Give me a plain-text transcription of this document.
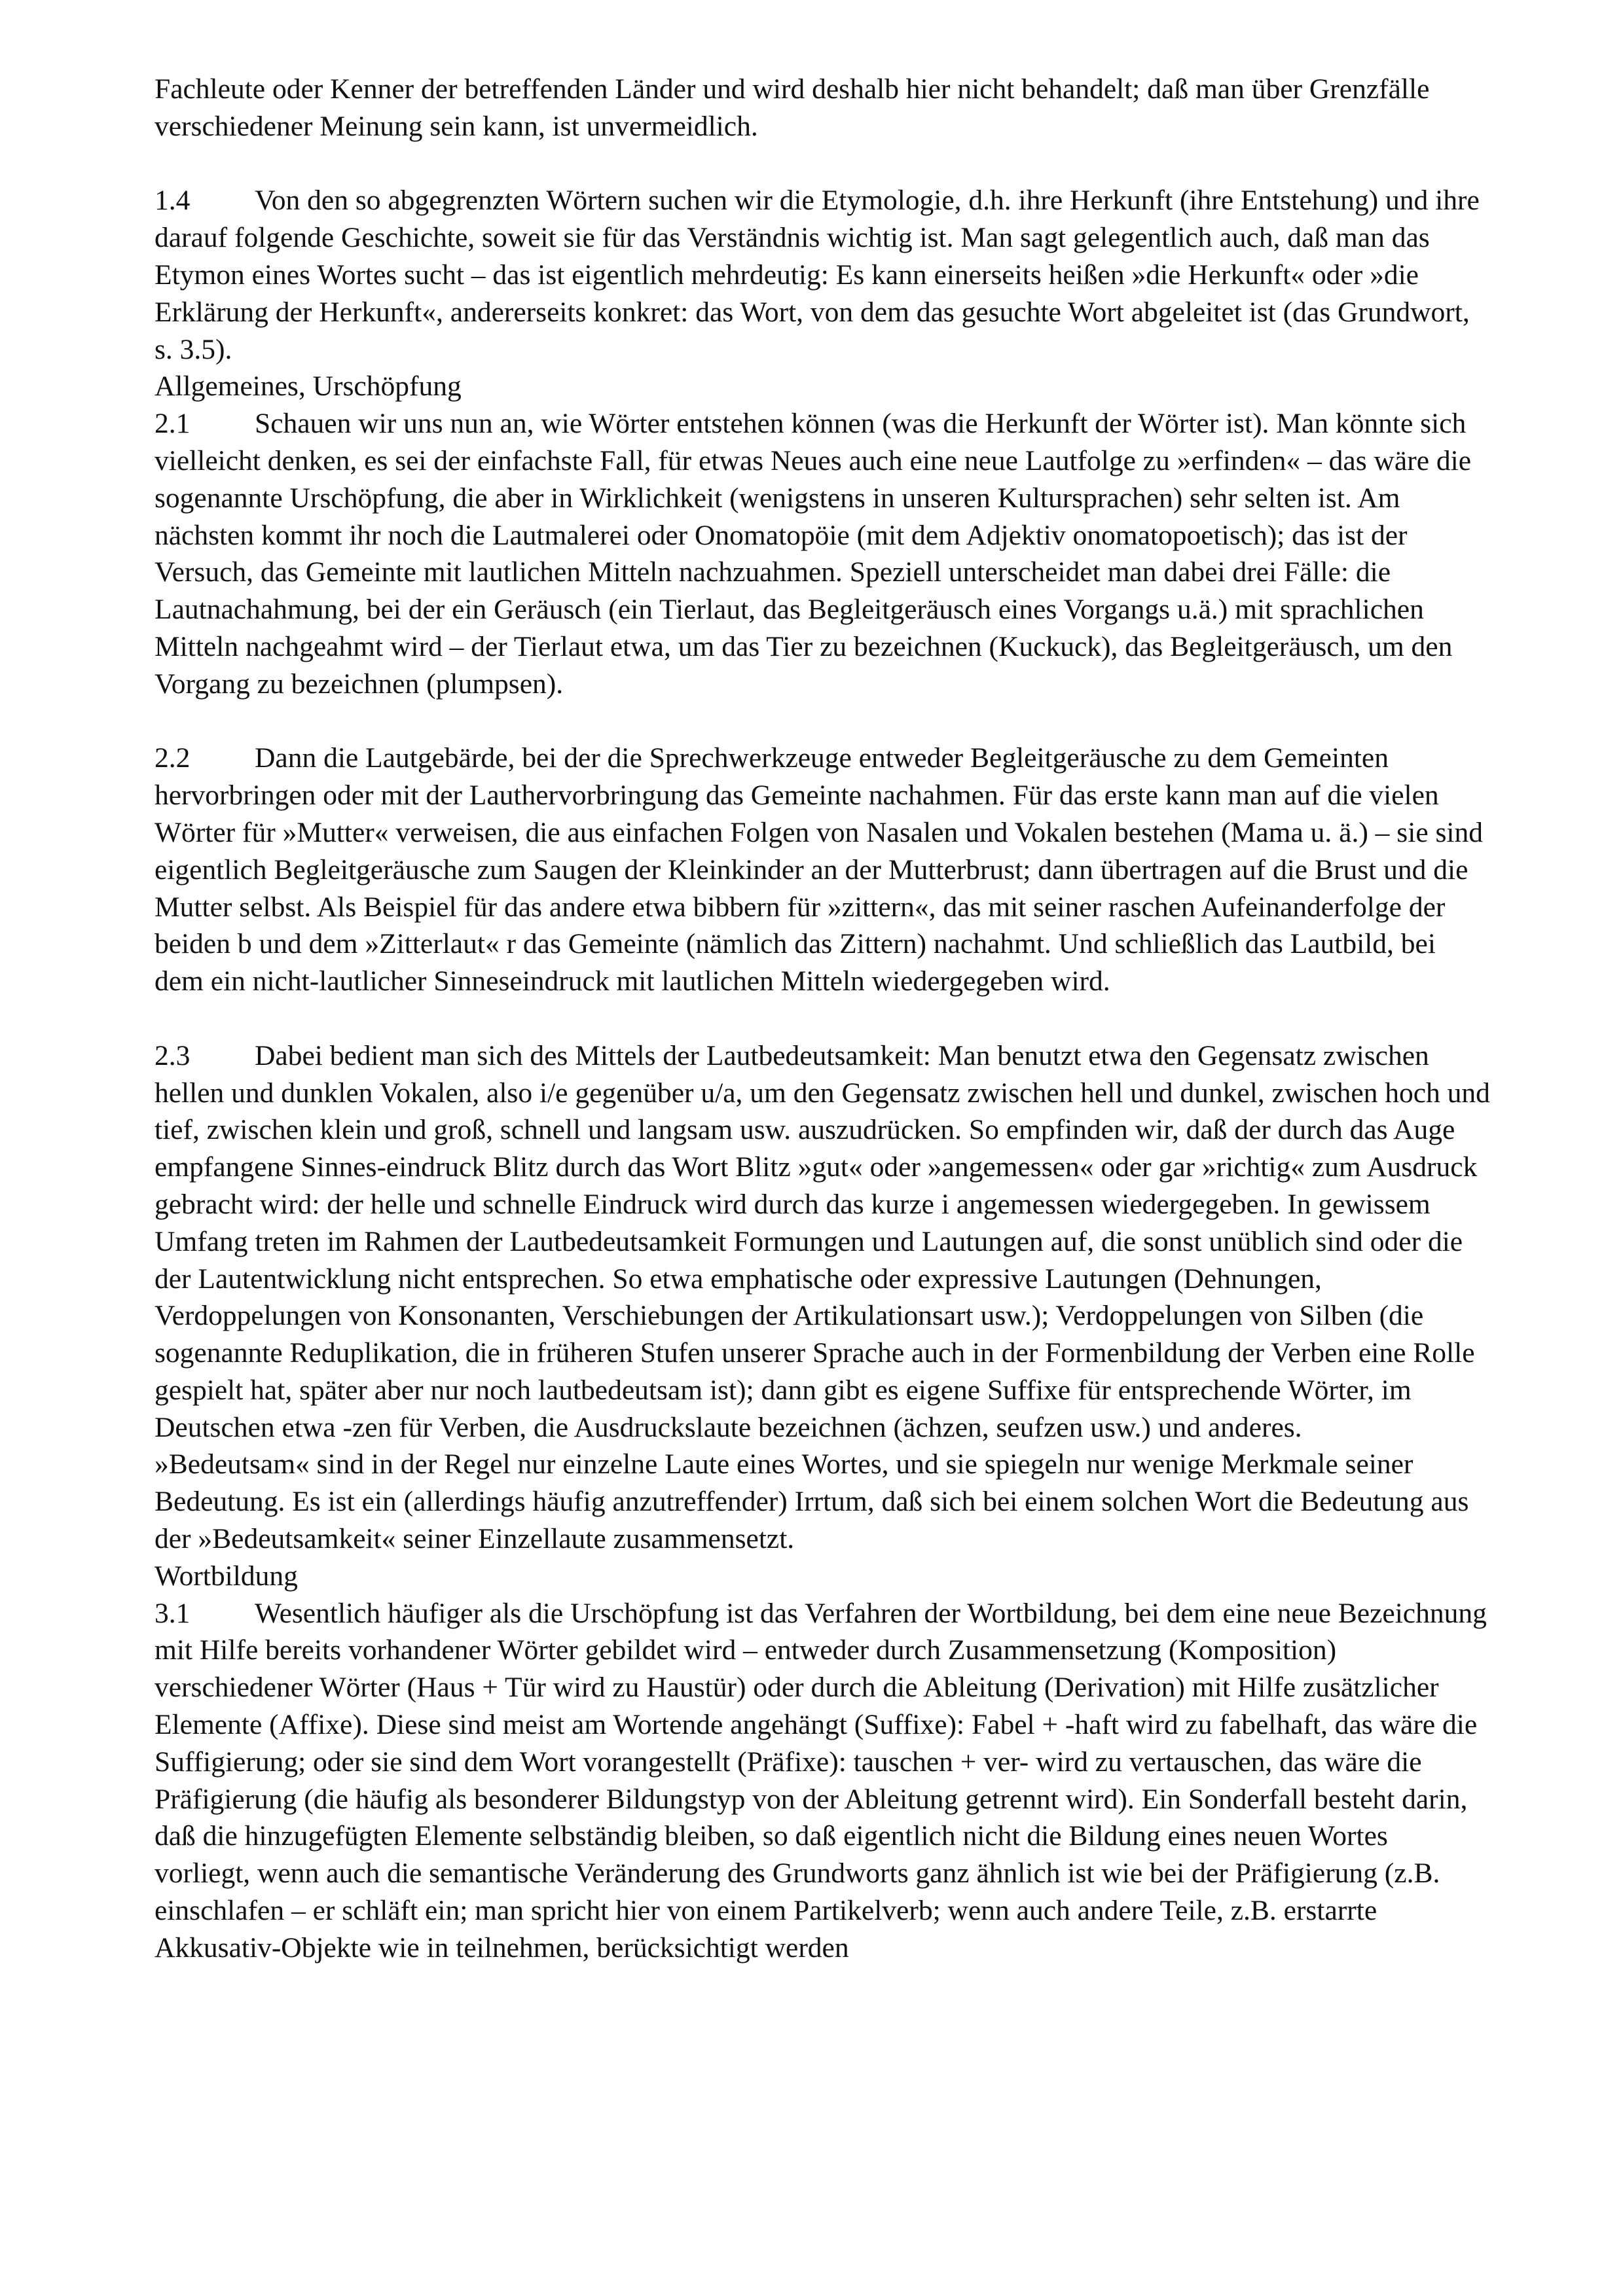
Fachleute oder Kenner der betreffenden Länder und wird deshalb hier nicht behandelt; daß man über Grenzfälle verschiedener Meinung sein kann, ist unvermeidlich.

1.4 Von den so abgegrenzten Wörtern suchen wir die Etymologie, d.h. ihre Herkunft (ihre Entstehung) und ihre darauf folgende Geschichte, soweit sie für das Verständnis wichtig ist. Man sagt gelegentlich auch, daß man das Etymon eines Wortes sucht – das ist eigentlich mehrdeutig: Es kann einerseits heißen »die Herkunft« oder »die Erklärung der Herkunft«, andererseits konkret: das Wort, von dem das gesuchte Wort abgeleitet ist (das Grundwort, s. 3.5).

Allgemeines, Urschöpfung

2.1 Schauen wir uns nun an, wie Wörter entstehen können (was die Herkunft der Wörter ist). Man könnte sich vielleicht denken, es sei der einfachste Fall, für etwas Neues auch eine neue Lautfolge zu »erfinden« – das wäre die sogenannte Urschöpfung, die aber in Wirklichkeit (wenigstens in unseren Kultursprachen) sehr selten ist. Am nächsten kommt ihr noch die Lautmalerei oder Onomatopöie (mit dem Adjektiv onomatopoetisch); das ist der Versuch, das Gemeinte mit lautlichen Mitteln nachzuahmen. Speziell unterscheidet man dabei drei Fälle: die Lautnachahmung, bei der ein Geräusch (ein Tierlaut, das Begleitgeräusch eines Vorgangs u.ä.) mit sprachlichen Mitteln nachgeahmt wird – der Tierlaut etwa, um das Tier zu bezeichnen (Kuckuck), das Begleitgeräusch, um den Vorgang zu bezeichnen (plumpsen).

2.2 Dann die Lautgebärde, bei der die Sprechwerkzeuge entweder Begleitgeräusche zu dem Gemeinten hervorbringen oder mit der Lauthervorbringung das Gemeinte nachahmen. Für das erste kann man auf die vielen Wörter für »Mutter« verweisen, die aus einfachen Folgen von Nasalen und Vokalen bestehen (Mama u. ä.) – sie sind eigentlich Begleitgeräusche zum Saugen der Kleinkinder an der Mutterbrust; dann übertragen auf die Brust und die Mutter selbst. Als Beispiel für das andere etwa bibbern für »zittern«, das mit seiner raschen Aufeinanderfolge der beiden b und dem »Zitterlaut« r das Gemeinte (nämlich das Zittern) nachahmt. Und schließlich das Lautbild, bei dem ein nicht-lautlicher Sinneseindruck mit lautlichen Mitteln wiedergegeben wird.

2.3 Dabei bedient man sich des Mittels der Lautbedeutsamkeit: Man benutzt etwa den Gegensatz zwischen hellen und dunklen Vokalen, also i/e gegenüber u/a, um den Gegensatz zwischen hell und dunkel, zwischen hoch und tief, zwischen klein und groß, schnell und langsam usw. auszudrücken. So empfinden wir, daß der durch das Auge empfangene Sinnes-eindruck Blitz durch das Wort Blitz »gut« oder »angemessen« oder gar »richtig« zum Ausdruck gebracht wird: der helle und schnelle Eindruck wird durch das kurze i angemessen wiedergegeben. In gewissem Umfang treten im Rahmen der Lautbedeutsamkeit Formungen und Lautungen auf, die sonst unüblich sind oder die der Lautentwicklung nicht entsprechen. So etwa emphatische oder expressive Lautungen (Dehnungen, Verdoppelungen von Konsonanten, Verschiebungen der Artikulationsart usw.); Verdoppelungen von Silben (die sogenannte Reduplikation, die in früheren Stufen unserer Sprache auch in der Formenbildung der Verben eine Rolle gespielt hat, später aber nur noch lautbedeutsam ist); dann gibt es eigene Suffixe für entsprechende Wörter, im Deutschen etwa -zen für Verben, die Ausdruckslaute bezeichnen (ächzen, seufzen usw.) und anderes.

»Bedeutsam« sind in der Regel nur einzelne Laute eines Wortes, und sie spiegeln nur wenige Merkmale seiner Bedeutung. Es ist ein (allerdings häufig anzutreffender) Irrtum, daß sich bei einem solchen Wort die Bedeutung aus der »Bedeutsamkeit« seiner Einzellaute zusammensetzt.

Wortbildung

3.1 Wesentlich häufiger als die Urschöpfung ist das Verfahren der Wortbildung, bei dem eine neue Bezeichnung mit Hilfe bereits vorhandener Wörter gebildet wird – entweder durch Zusammensetzung (Komposition) verschiedener Wörter (Haus + Tür wird zu Haustür) oder durch die Ableitung (Derivation) mit Hilfe zusätzlicher Elemente (Affixe). Diese sind meist am Wortende angehängt (Suffixe): Fabel + -haft wird zu fabelhaft, das wäre die Suffigierung; oder sie sind dem Wort vorangestellt (Präfixe): tauschen + ver- wird zu vertauschen, das wäre die Präfigierung (die häufig als besonderer Bildungstyp von der Ableitung getrennt wird). Ein Sonderfall besteht darin, daß die hinzugefügten Elemente selbständig bleiben, so daß eigentlich nicht die Bildung eines neuen Wortes vorliegt, wenn auch die semantische Veränderung des Grundworts ganz ähnlich ist wie bei der Präfigierung (z.B. einschlafen – er schläft ein; man spricht hier von einem Partikelverb; wenn auch andere Teile, z.B. erstarrte Akkusativ-Objekte wie in teilnehmen, berücksichtigt werden
